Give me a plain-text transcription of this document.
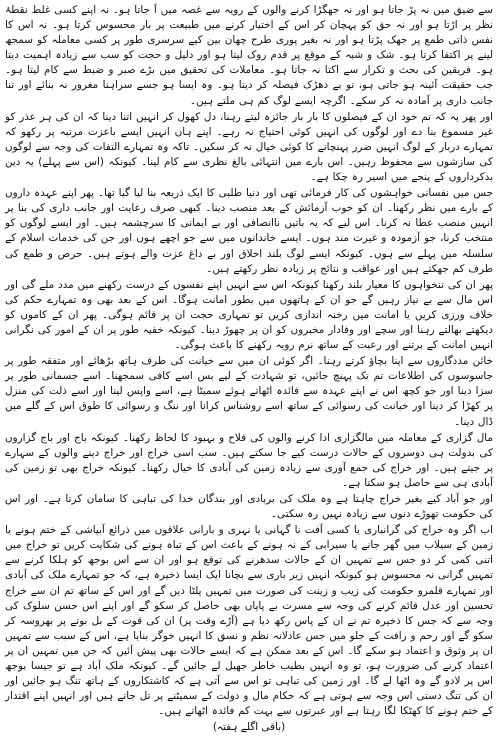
سے ضیق میں نہ پڑ جاتا ہو اور نہ جھگڑا کرنے والوں کے رویہ سے غصہ میں آ جاتا ہو۔ نہ اپنے کسی غلط نقطۂ نظر پر اڑتا ہو اور نہ حق کو پہچان کر اس کے اختیار کرنے میں طبیعت پر بار محسوس کرتا ہو۔ نہ اس کا نفس ذاتی طمع پر جھک پڑتا ہو اور نہ بغیر پوری طرح چھان بین کیے سرسری طور پر کسی معاملہ کو سمجھ لینے پر اکتفا کرتا ہو۔ شک و شبہ کے موقع پر قدم روک لیتا ہو اور دلیل و حجت کو سب سے زیادہ اہمیت دیتا ہو۔ فریقین کی بحث و تکرار سے اکتا نہ جاتا ہو۔ معاملات کی تحقیق میں بڑے صبر و ضبط سے کام لیتا ہو۔ جب حقیقت آئینہ ہو جاتی ہو، تو بے دھڑک فیصلہ کر دیتا ہو۔ وہ ایسا ہو جسے سراہنا مغرور نہ بنائے اور تنا جانب داری پر آمادہ نہ کر سکے۔ اگرچہ ایسے لوگ کم ہی ملتے ہیں۔

اور پھر یہ کہ تم خود ان کے فیصلوں کا بار بار جائزہ لیتے رہنا، دل کھول کر انہیں اتنا دینا کہ ان کی ہر عذر کو غیر مسموع بنا دے اور لوگوں کی انہیں کوئی احتیاج نہ رہے۔ اپنے ہاں انہیں ایسے باعزت مرتبہ پر رکھو کہ تمہارے دربار کے لوگ انہیں ضرر پہنچانے کا کوئی خیال نہ کر سکیں۔ تاکہ وہ تمہارے التفات کی وجہ سے لوگوں کی سازشوں سے محفوظ رہیں۔ اس بارے میں انتہائی بالغ نظری سے کام لینا۔ کیونکہ (اس سے پہلے) یہ دین بدکرداروں کے پنجے میں اسیر رہ چکا ہے۔

جس میں نفسانی خواہشوں کی کار فرمائی تھی اور دنیا طلبی کا ایک ذریعہ بنا لیا گیا تھا۔ پھر اپنے عہدہ داروں کے بارے میں نظر رکھنا۔ ان کو خوب آزمائش کے بعد منصب دینا۔ کبھی صرف رعایت اور جانب داری کی بنا پر انہیں منصب عطا نہ کرنا۔ اس لیے کہ یہ باتیں ناانصافی اور بے ایمانی کا سرچشمہ ہیں۔ اور ایسے لوگوں کو منتخب کرنا، جو آزمودہ و غیرت مند ہوں۔ ایسے خاندانوں میں سے جو اچھے ہوں اور جن کی خدمات اسلام کے سلسلہ میں پہلے سے ہوں۔ کیونکہ ایسے لوگ بلند اخلاق اور بے داغ عزت والے ہوتے ہیں۔ حرص و طمع کی طرف کم جھکتے ہیں اور عواقب و نتائج پر زیادہ نظر رکھتے ہیں۔

پھر ان کی تنخواہوں کا معیار بلند رکھنا کیونکہ اس سے انہیں اپنے نفسوں کے درست رکھنے میں مدد ملے گی اور اس مال سے بے نیاز رہیں گے جو ان کے ہاتھوں میں بطور امانت ہوگا۔ اس کے بعد بھی وہ تمہارے حکم کی خلاف ورزی کریں یا امانت میں رخنہ اندازی کریں تو تمہاری حجت ان پر قائم ہوگی۔ پھر ان کے کاموں کو دیکھتے بھالتے رہنا اور سچے اور وفادار مخبروں کو ان پر چھوڑ دینا۔ کیونکہ خفیہ طور پر ان کے امور کی نگرانی انہیں امانت کے برتنے اور رعیت کے ساتھ نرم رویہ رکھنے کا باعث ہوگی۔

خائن مددگاروں سے اپنا بچاؤ کرتے رہنا۔ اگر کوئی ان میں سے خیانت کی طرف ہاتھ بڑھائے اور متفقہ طور پر جاسوسوں کی اطلاعات تم تک پہنچ جائیں، تو شہادت کے لیے بس اسے کافی سمجھنا۔ اسے جسمانی طور پر سزا دینا اور جو کچھ اس نے اپنے عہدہ سے فائدہ اٹھاتے ہوئے سمیٹا ہے، اسے واپس لینا اور اسے ذلت کی منزل پر کھڑا کر دینا اور خیانت کی رسوائی کے ساتھ اسے روشناس کرانا اور ننگ و رسوائی کا طوق اس کے گلے میں ڈال دینا۔

مال گزاری کے معاملہ میں مالگزاری ادا کرنے والوں کی فلاح و بہبود کا لحاظ رکھنا۔ کیونکہ باج اور باج گزاروں کی بدولت ہی دوسروں کے حالات درست کیے جا سکتے ہیں۔ سب اسی خراج اور خراج دینے والوں کے سہارے پر جیتے ہیں۔ اور خراج کی جمع آوری سے زیادہ زمین کی آبادی کا خیال رکھنا۔ کیونکہ خراج بھی تو زمین کی آبادی ہی سے حاصل ہو سکتا ہے۔

اور جو آباد کیے بغیر خراج چاہتا ہے وہ ملک کی بربادی اور بندگان خدا کی تباہی کا سامان کرتا ہے۔ اور اس کی حکومت تھوڑے دنوں سے زیادہ نہیں رہ سکتی۔

اب اگر وہ خراج کی گرانباری یا کسی آفت نا گہانی یا نہری و بارانی علاقوں میں ذرائع آبپاشی کے ختم ہونے یا زمین کے سیلاب میں گھر جانے یا سیرابی کے نہ ہونے کے باعث اس کے تباہ ہونے کی شکایت کریں تو خراج میں اتنی کمی کر دو جس سے تمہیں ان کے حالات سدھرنے کی توقع ہو اور ان سے اس بوجھ کو ہلکا کرنے سے تمہیں گرانی نہ محسوس ہو کیونکہ انہیں زیر باری سے بچانا ایک ایسا ذخیرہ ہے، کہ جو تمہارے ملک کی آبادی اور تمہارے قلمرو حکومت کی زیب و زینت کی صورت میں تمہیں پلٹا دیں گے اور اس کے ساتھ تم ان سے خراج تحسین اور عدل قائم کرنے کی وجہ سے مسرت بے پایاں بھی حاصل کر سکو گے اور اپنے اس حسن سلوک کی وجہ سے کہ جس کا ذخیرہ تم نے ان کے پاس رکھ دیا ہے (آڑے وقت پر) ان کی قوت کے بل بوتے پر بھروسہ کر سکو گے اور رحم و رافت کے جلو میں جس عادلانہ نظم و نسق کا انہیں خوگر بنایا ہے، اس کے سبب سے تمہیں ان پر وثوق و اعتماد ہو سکے گا۔ اس کے بعد ممکن ہے کہ ایسے حالات بھی پیش آئیں کہ جن میں تمہیں ان پر اعتماد کرنے کی ضرورت ہو، تو وہ انہیں بطیب خاطر جھیل لے جائیں گے۔ کیونکہ ملک آباد ہے تو جیسا بوجھ اس پر لادو گے وہ اٹھا لے گا۔ اور زمین کی تباہی تو اس سے آتی ہے کہ کاشتکاروں کے ہاتھ تنگ ہو جائیں اور ان کی تنگ دستی اس وجہ سے ہوتی ہے کہ حکام مال و دولت کے سمیٹنے پر تل جاتے ہیں اور انہیں اپنے اقتدار کے ختم ہونے کا کھٹکا لگا رہتا ہے اور عبرتوں سے بہت کم فائدہ اٹھاتے ہیں۔

(باقی اگلے ہفتہ)
